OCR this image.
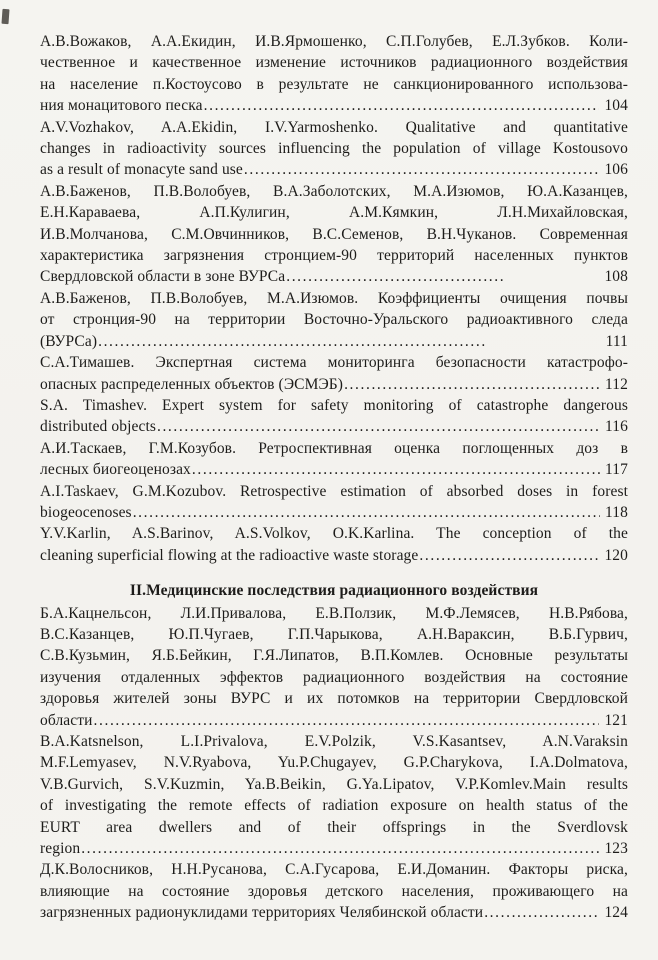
А.В.Вожаков, А.А.Екидин, И.В.Ярмошенко, С.П.Голубев, Е.Л.Зубков. Коли-
чественное и качественное изменение источников радиационного воздействия
на население п.Костоусово в результате не санкционированного использова-
ния монацитового песка .....	104
A.V.Vozhakov, A.A.Ekidin, I.V.Yarmoshenko. Qualitative and quantitative
changes in radioactivity sources influencing the population of village Kostousovo
as a result of monacyte sand use .....	106
А.В.Баженов, П.В.Волобуев, В.А.Заболотских, М.А.Изюмов, Ю.А.Казанцев,
Е.Н.Караваева, А.П.Кулигин, А.М.Кямкин, Л.Н.Михайловская,
И.В.Молчанова, С.М.Овчинников, В.С.Семенов, В.Н.Чуканов. Современная
характеристика загрязнения стронцием-90 территорий населенных пунктов
Свердловской области в зоне ВУРСа .....	108
А.В.Баженов, П.В.Волобуев, М.А.Изюмов. Коэффициенты очищения почвы
от стронция-90 на территории Восточно-Уральского радиоактивного следа
(ВУРСа) .....	111
С.А.Тимашев. Экспертная система мониторинга безопасности катастрофо-
опасных распределенных объектов (ЭСМЭБ) .....	112
S.A. Timashev. Expert system for safety monitoring of catastrophe dangerous
distributed objects .....	116
А.И.Таскаев, Г.М.Козубов. Ретроспективная оценка поглощенных доз в
лесных биогеоценозах .....	117
A.I.Taskaev, G.M.Kozubov. Retrospective estimation of absorbed doses in forest
biogeocenoses .....	118
Y.V.Karlin, A.S.Barinov, A.S.Volkov, O.K.Karlina. The conception of the
cleaning superficial flowing at the radioactive waste storage .....	120
II.Медицинские последствия радиационного воздействия
Б.А.Кацнельсон, Л.И.Привалова, Е.В.Ползик, М.Ф.Лемясев, Н.В.Рябова,
В.С.Казанцев, Ю.П.Чугаев, Г.П.Чарыкова, А.Н.Вараксин, В.Б.Гурвич,
С.В.Кузьмин, Я.Б.Бейкин, Г.Я.Липатов, В.П.Комлев. Основные результаты
изучения отдаленных эффектов радиационного воздействия на состояние
здоровья жителей зоны ВУРС и их потомков на территории Свердловской
области .....	121
B.A.Katsnelson, L.I.Privalova, E.V.Polzik, V.S.Kasantsev, A.N.Varaksin
M.F.Lemyasev, N.V.Ryabova, Yu.P.Chugayev, G.P.Charykova, I.A.Dolmatova,
V.B.Gurvich, S.V.Kuzmin, Ya.B.Beikin, G.Ya.Lipatov, V.P.Komlev.Main results
of investigating the remote effects of radiation exposure on health status of the
EURT area dwellers and of their offsprings in the Sverdlovsk
region .....	123
Д.К.Волосников, Н.Н.Русанова, С.А.Гусарова, Е.И.Доманин. Факторы риска,
влияющие на состояние здоровья детского населения, проживающего на
загрязненных радионуклидами территориях Челябинской области .....	124
